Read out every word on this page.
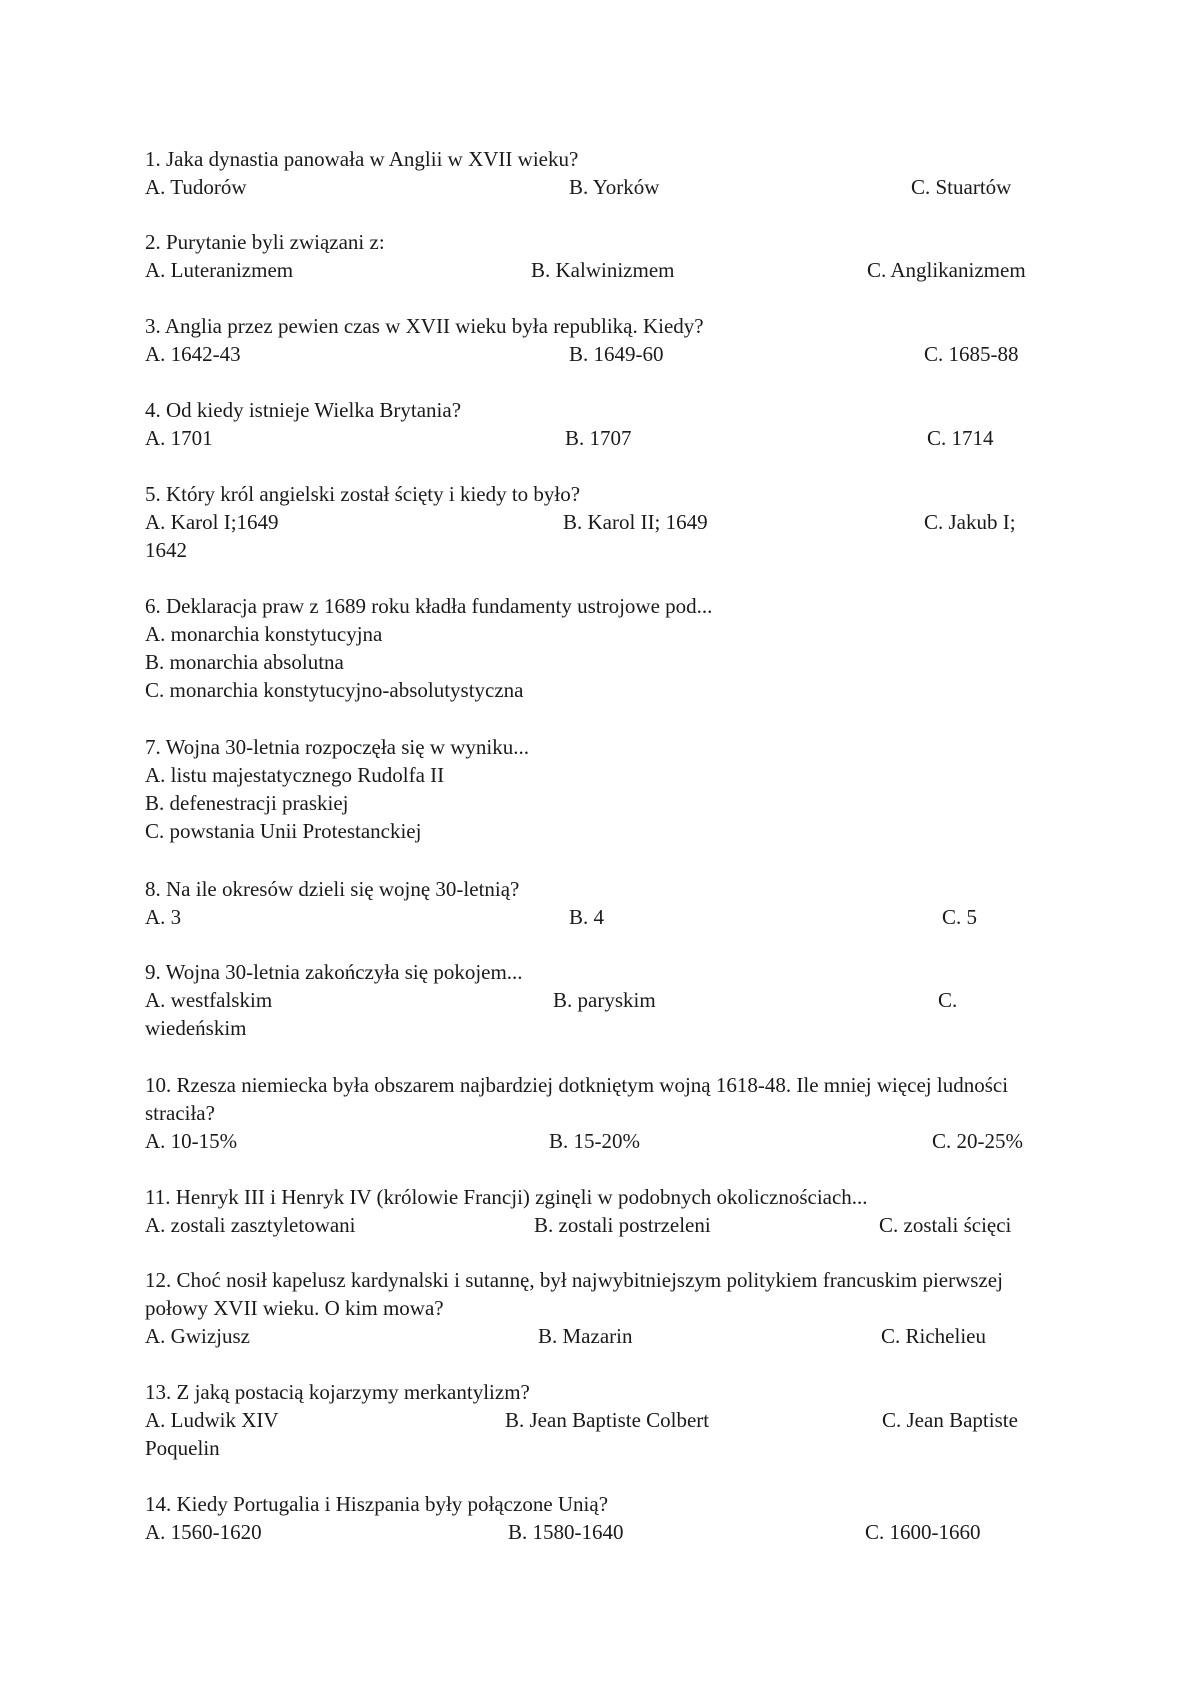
1. Jaka dynastia panowała w Anglii w XVII wieku?
A. Tudorów	B. Yorków	C. Stuartów
2. Purytanie byli związani z:
A. Luteranizmem	B. Kalwinizmem	C. Anglikanizmem
3. Anglia przez pewien czas w XVII wieku była republiką. Kiedy?
A. 1642-43	B. 1649-60	C. 1685-88
4. Od kiedy istnieje Wielka Brytania?
A. 1701	B. 1707	C. 1714
5. Który król angielski został ścięty i kiedy to było?
A. Karol I;1649	B. Karol II; 1649	C. Jakub I;
1642
6. Deklaracja praw z 1689 roku kładła fundamenty ustrojowe pod...
A. monarchia konstytucyjna
B. monarchia absolutna
C. monarchia konstytucyjno-absolutystyczna
7. Wojna 30-letnia rozpoczęła się w wyniku...
A. listu majestatycznego Rudolfa II
B. defenestracji praskiej
C. powstania Unii Protestanckiej
8. Na ile okresów dzieli się wojnę 30-letnią?
A. 3	B. 4	C. 5
9. Wojna 30-letnia zakończyła się pokojem...
A. westfalskim	B. paryskim	C.
wiedeńskim
10. Rzesza niemiecka była obszarem najbardziej dotkniętym wojną 1618-48. Ile mniej więcej ludności straciła?
A. 10-15%	B. 15-20%	C. 20-25%
11. Henryk III i Henryk IV (królowie Francji) zginęli w podobnych okolicznościach...
A. zostali zasztyletowani	B. zostali postrzeleni	C. zostali ścięci
12. Choć nosił kapelusz kardynalski i sutannę, był najwybitniejszym politykiem francuskim pierwszej połowy XVII wieku. O kim mowa?
A. Gwizjusz	B. Mazarin	C. Richelieu
13. Z jaką postacią kojarzymy merkantylizm?
A. Ludwik XIV	B. Jean Baptiste Colbert	C. Jean Baptiste
Poquelin
14. Kiedy Portugalia i Hiszpania były połączone Unią?
A. 1560-1620	B. 1580-1640	C. 1600-1660
